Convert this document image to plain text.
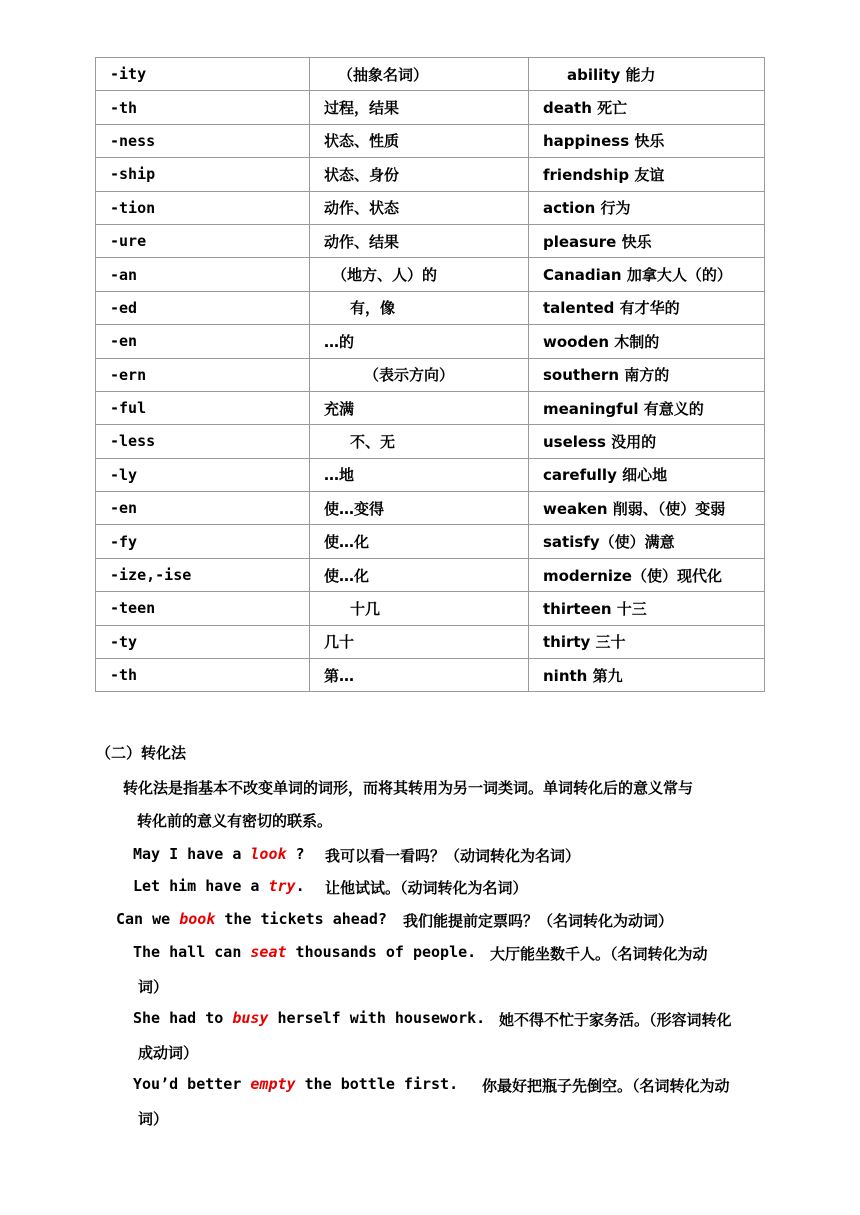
-ity	（抽象名词）	ability 能力
-th	过程，结果	death 死亡
-ness	状态、性质	happiness 快乐
-ship	状态、身份	friendship 友谊
-tion	动作、状态	action 行为
-ure	动作、结果	pleasure 快乐
-an	（地方、人）的	Canadian 加拿大人（的）
-ed	有，像	talented 有才华的
-en	…的	wooden 木制的
-ern	（表示方向）	southern 南方的
-ful	充满	meaningful 有意义的
-less	不、无	useless 没用的
-ly	…地	carefully 细心地
-en	使…变得	weaken 削弱、（使）变弱
-fy	使…化	satisfy（使）满意
-ize,-ise	使…化	modernize（使）现代化
-teen	十几	thirteen 十三
-ty	几十	thirty 三十
-th	第…	ninth 第九
（二）转化法
转化法是指基本不改变单词的词形，而将其转用为另一词类词。单词转化后的意义常与
转化前的意义有密切的联系。
May I have a look ? 我可以看一看吗？（动词转化为名词）
Let him have a try. 让他试试。（动词转化为名词）
Can we book the tickets ahead? 我们能提前定票吗？（名词转化为动词）
The hall can seat thousands of people. 大厅能坐数千人。（名词转化为动
词）
She had to busy herself with housework. 她不得不忙于家务活。（形容词转化
成动词）
You’d better empty the bottle first. 你最好把瓶子先倒空。（名词转化为动
词）
